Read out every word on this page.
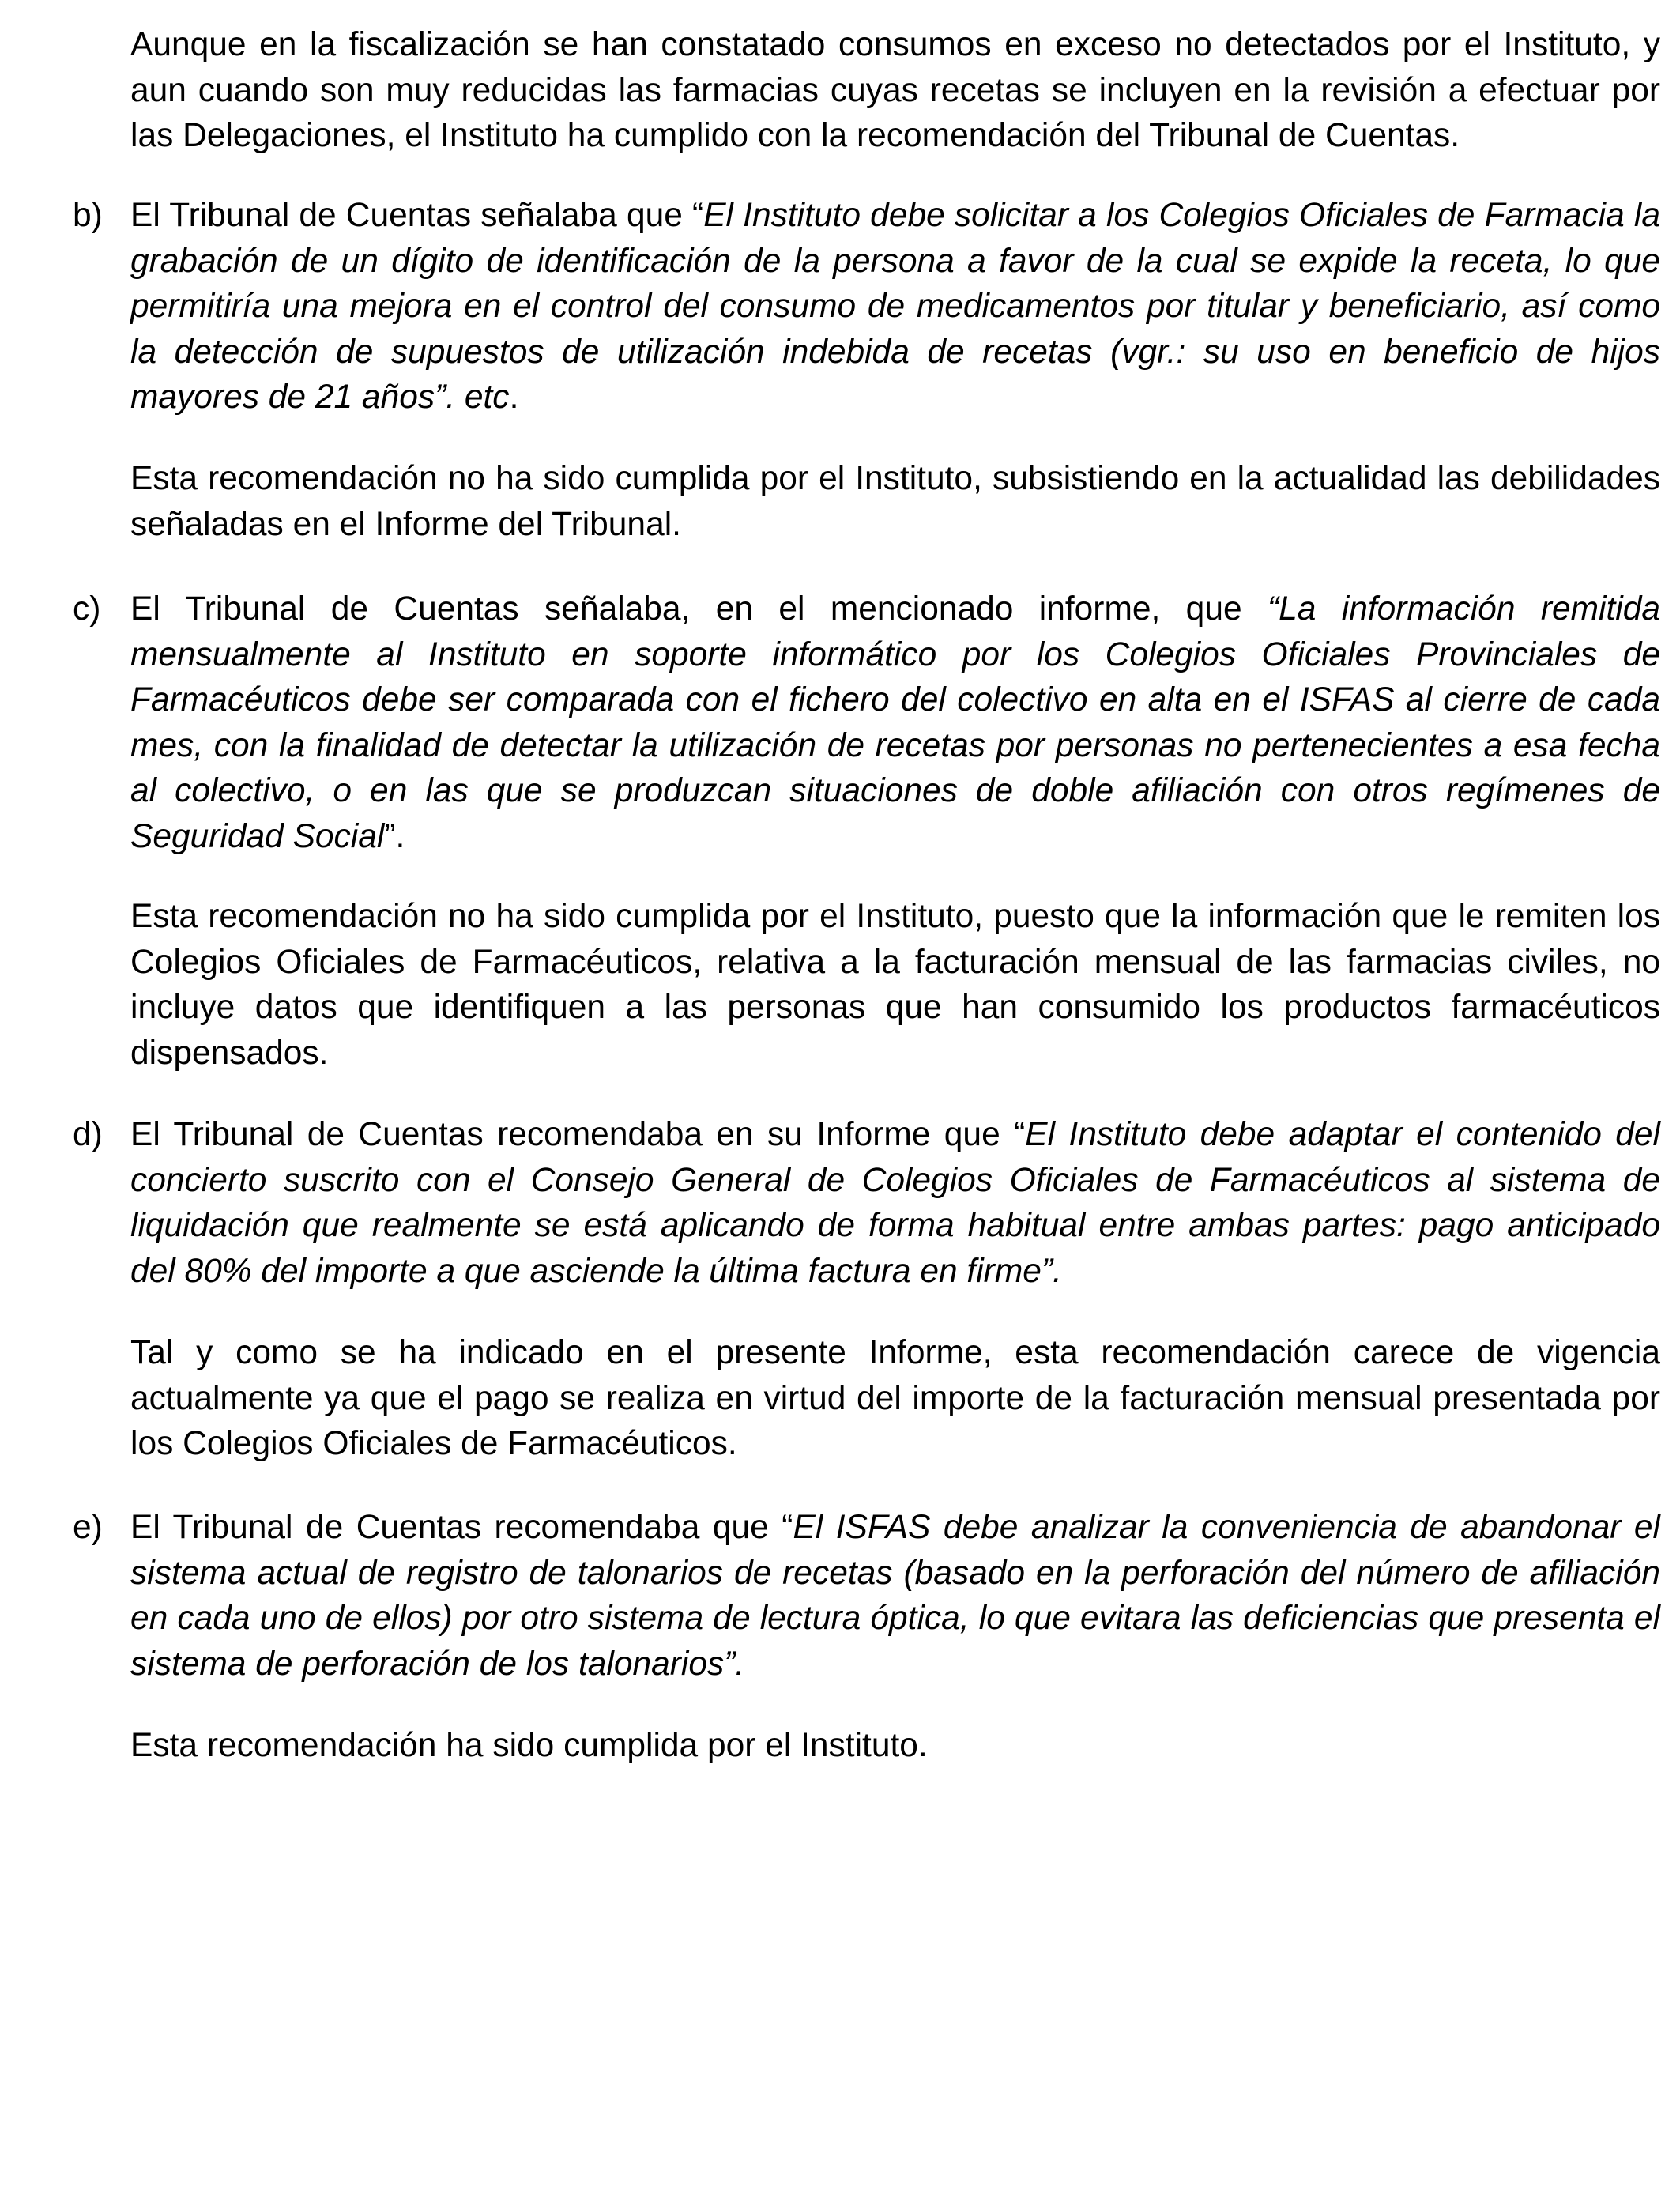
Aunque en la fiscalización se han constatado consumos en exceso no detectados por el Instituto, y aun cuando son muy reducidas las farmacias cuyas recetas se incluyen en la revisión a efectuar por las Delegaciones, el Instituto ha cumplido con la recomendación del Tribunal de Cuentas.

b) El Tribunal de Cuentas señalaba que “El Instituto debe solicitar a los Colegios Oficiales de Farmacia la grabación de un dígito de identificación de la persona a favor de la cual se expide la receta, lo que permitiría una mejora en el control del consumo de medicamentos por titular y beneficiario, así como la detección de supuestos de utilización indebida de recetas (vgr.: su uso en beneficio de hijos mayores de 21 años”. etc.

Esta recomendación no ha sido cumplida por el Instituto, subsistiendo en la actualidad las debilidades señaladas en el Informe del Tribunal.

c) El Tribunal de Cuentas señalaba, en el mencionado informe, que “La información remitida mensualmente al Instituto en soporte informático por los Colegios Oficiales Provinciales de Farmacéuticos debe ser comparada con el fichero del colectivo en alta en el ISFAS al cierre de cada mes, con la finalidad de detectar la utilización de recetas por personas no pertenecientes a esa fecha al colectivo, o en las que se produzcan situaciones de doble afiliación con otros regímenes de Seguridad Social”.

Esta recomendación no ha sido cumplida por el Instituto, puesto que la información que le remiten los Colegios Oficiales de Farmacéuticos, relativa a la facturación mensual de las farmacias civiles, no incluye datos que identifiquen a las personas que han consumido los productos farmacéuticos dispensados.

d) El Tribunal de Cuentas recomendaba en su Informe que “El Instituto debe adaptar el contenido del concierto suscrito con el Consejo General de Colegios Oficiales de Farmacéuticos al sistema de liquidación que realmente se está aplicando de forma habitual entre ambas partes: pago anticipado del 80% del importe a que asciende la última factura en firme”.

Tal y como se ha indicado en el presente Informe, esta recomendación carece de vigencia actualmente ya que el pago se realiza en virtud del importe de la facturación mensual presentada por los Colegios Oficiales de Farmacéuticos.

e) El Tribunal de Cuentas recomendaba que “El ISFAS debe analizar la conveniencia de abandonar el sistema actual de registro de talonarios de recetas (basado en la perforación del número de afiliación en cada uno de ellos) por otro sistema de lectura óptica, lo que evitara las deficiencias que presenta el sistema de perforación de los talonarios”.

Esta recomendación ha sido cumplida por el Instituto.
